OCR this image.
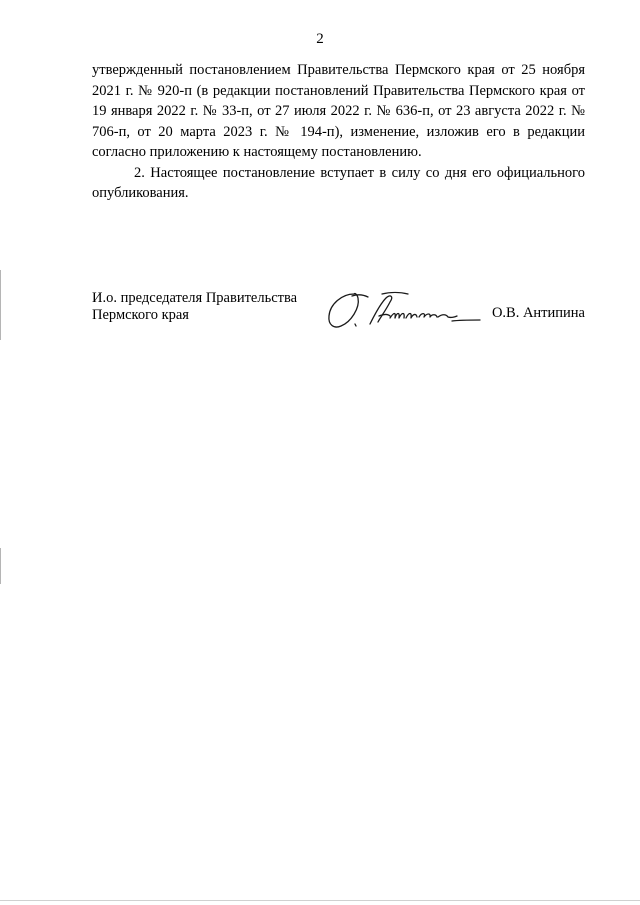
2

утвержденный постановлением Правительства Пермского края от 25 ноября 2021 г. № 920-п (в редакции постановлений Правительства Пермского края от 19 января 2022 г. № 33-п, от 27 июля 2022 г. № 636-п, от 23 августа 2022 г. № 706-п, от 20 марта 2023 г. № 194-п), изменение, изложив его в редакции согласно приложению к настоящему постановлению.

2. Настоящее постановление вступает в силу со дня его официального опубликования.

И.о. председателя Правительства
Пермского края	О.В. Антипина
